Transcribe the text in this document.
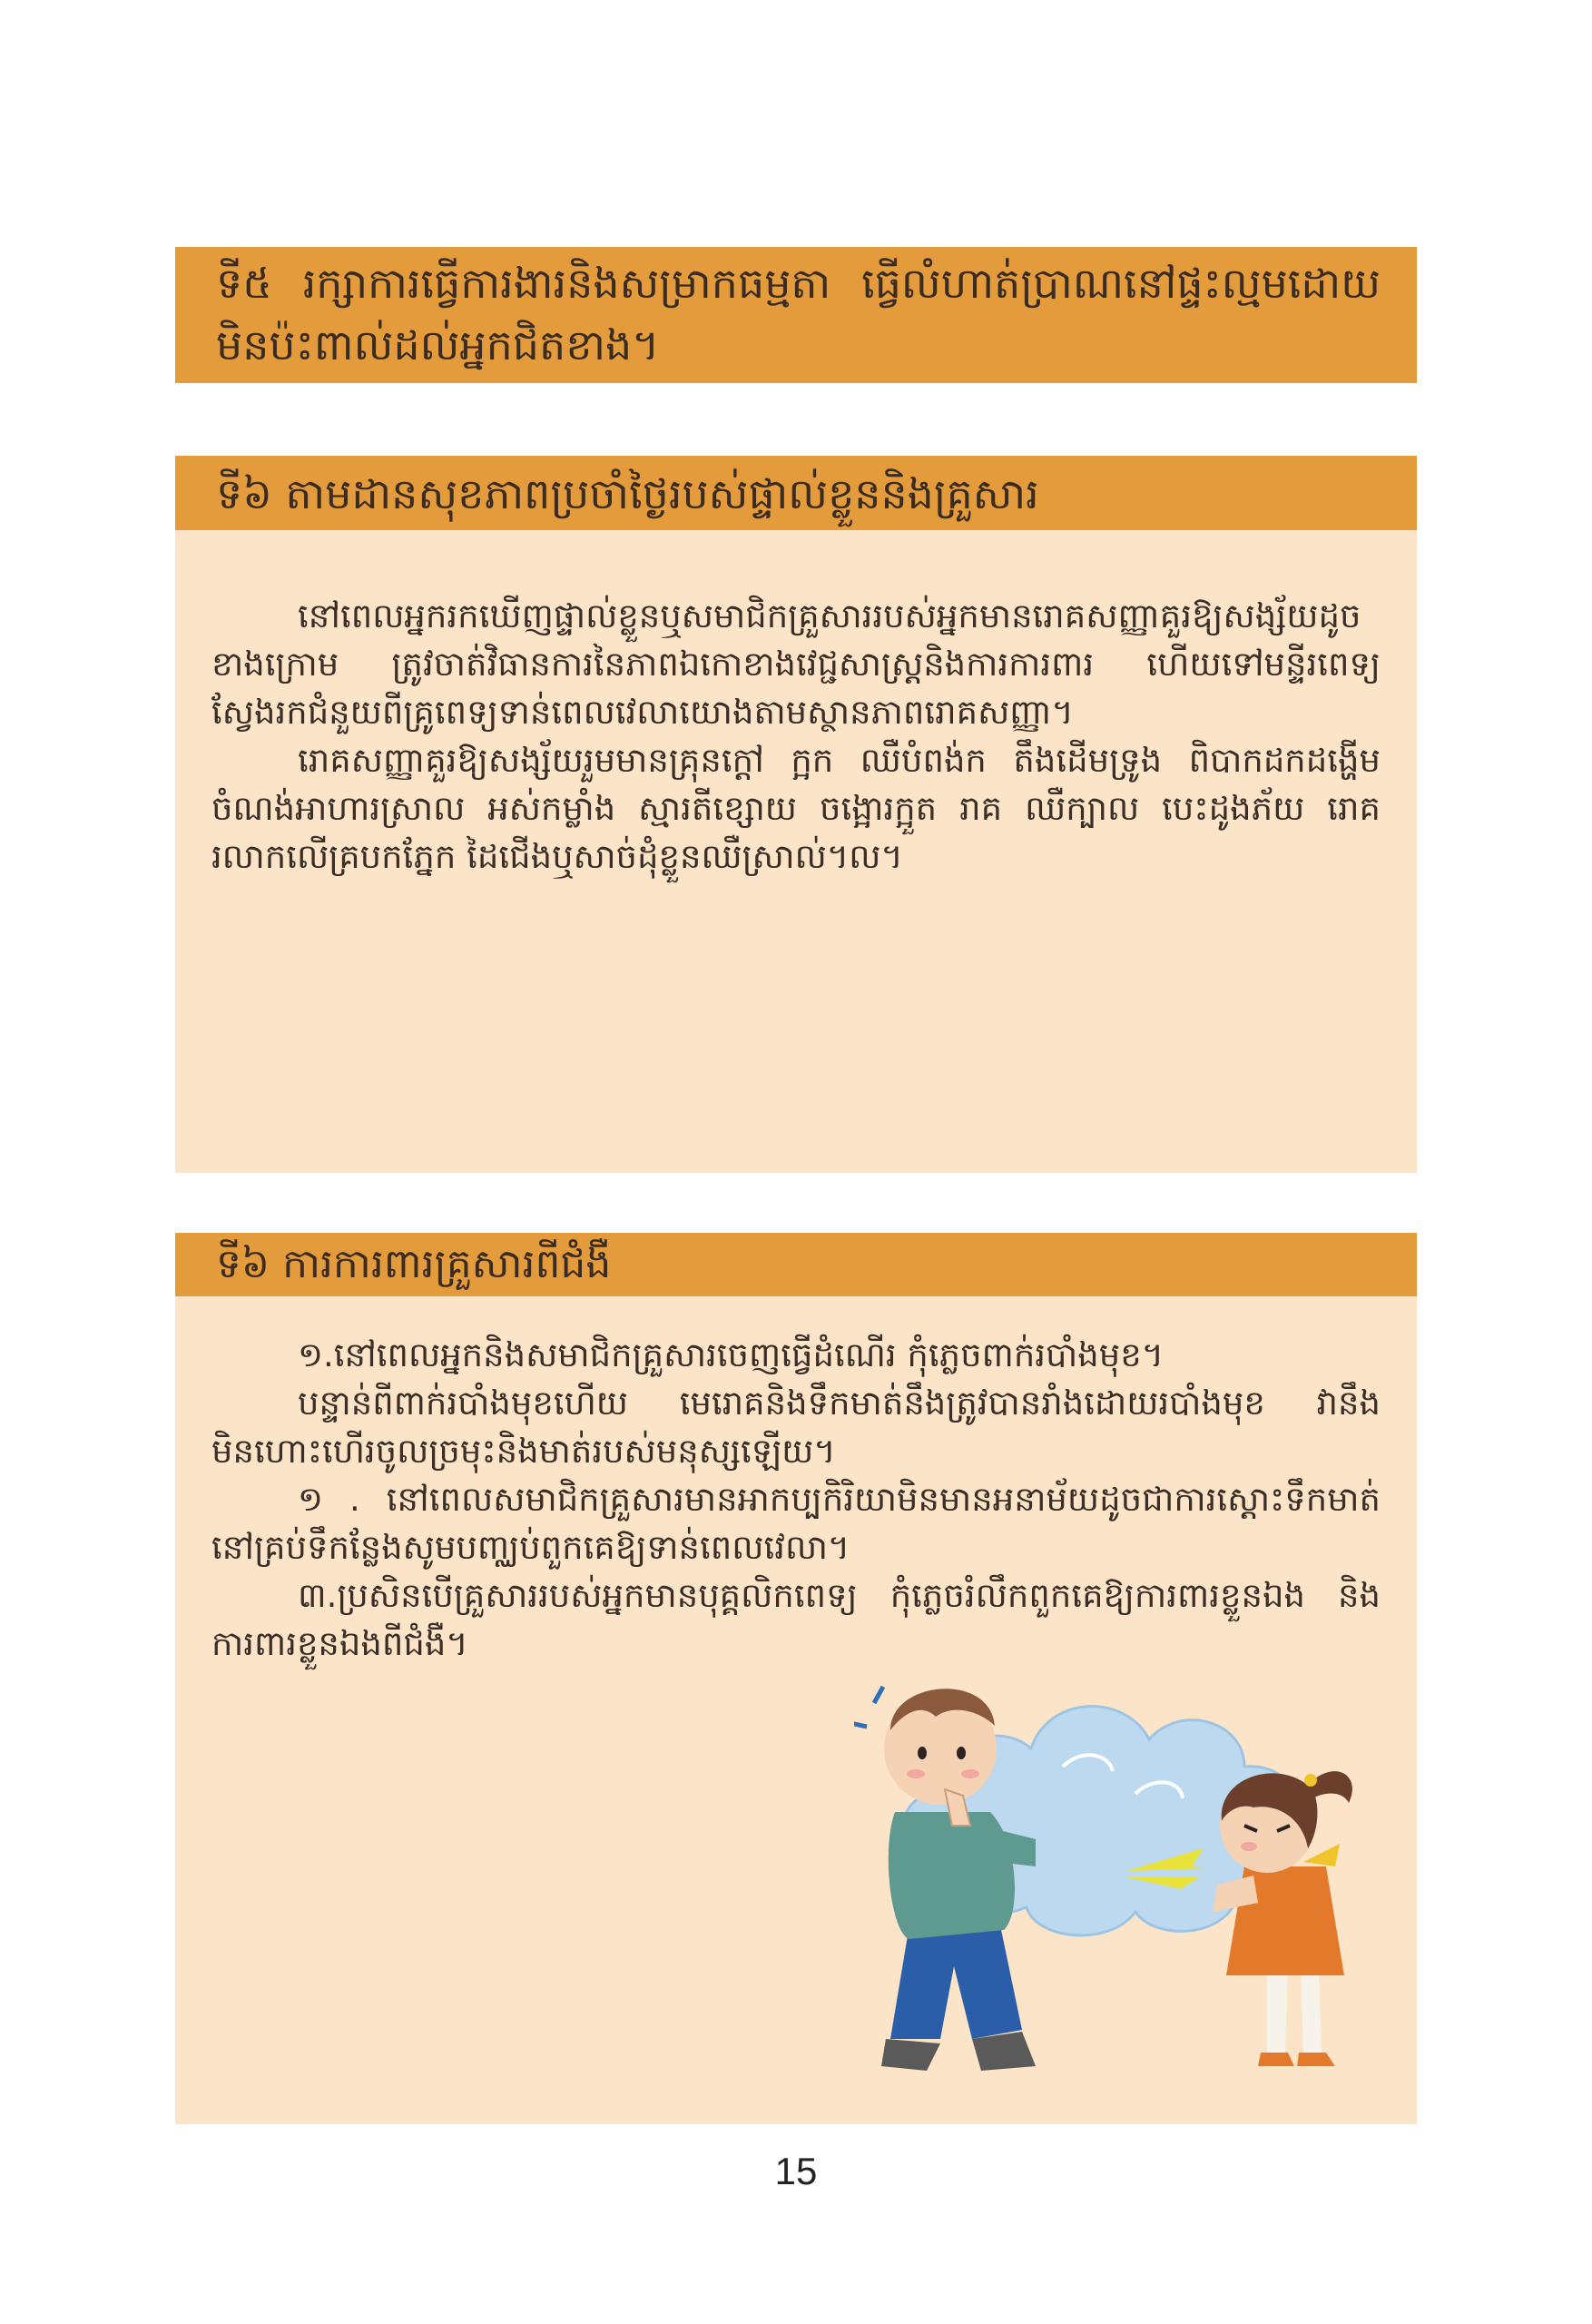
ទី៥ រក្សាការធ្វើការងារនិងសម្រាកធម្មតា ធ្វើលំហាត់ប្រាណនៅផ្ទះល្មមដោយមិនប៉ះពាល់ដល់អ្នកជិតខាង។
ទី៦ តាមដានសុខភាពប្រចាំថ្ងៃរបស់ផ្ទាល់ខ្លួននិងគ្រួសារ

នៅពេលអ្នករកឃើញផ្ទាល់ខ្លួនឬសមាជិកគ្រួសាររបស់អ្នកមានរោគសញ្ញាគួរឱ្យសង្ស័យដូចខាងក្រោម ត្រូវចាត់វិធានការនៃភាពឯកោខាងវេជ្ជសាស្រ្តនិងការការពារ ហើយទៅមន្ទីរពេទ្យស្វែងរកជំនួយពីគ្រូពេទ្យទាន់ពេលវេលាយោងតាមស្ថានភាពរោគសញ្ញា។

រោគសញ្ញាគួរឱ្យសង្ស័យរួមមានគ្រុនក្តៅ ក្អក ឈឺបំពង់ក តឹងដើមទ្រូង ពិបាកដកដង្ហើម ចំណង់អាហារស្រាល អស់កម្លាំង ស្មារតីខ្សោយ ចង្អោរក្អួត រាគ ឈឺក្បាល បេះដូងភ័យ រោគរលាកលើគ្របកភ្នែក ដៃជើងឬសាច់ដុំខ្លួនឈឺស្រាល់។ល។

ទី៦ ការការពារគ្រួសារពីជំងឺ

១.នៅពេលអ្នកនិងសមាជិកគ្រួសារចេញធ្វើដំណើរ កុំភ្លេចពាក់របាំងមុខ។

បន្ទាន់ពីពាក់របាំងមុខហើយ មេរោគនិងទឹកមាត់នឹងត្រូវបានរាំងដោយរបាំងមុខ វានឹងមិនហោះហើរចូលច្រមុះនិងមាត់របស់មនុស្សឡើយ។

១ . នៅពេលសមាជិកគ្រួសារមានអាកប្បកិរិយាមិនមានអនាម័យដូចជាការស្តោះទឹកមាត់នៅគ្រប់ទឹកន្លែងសូមបញ្ឈប់ពួកគេឱ្យទាន់ពេលវេលា។

៣.ប្រសិនបើគ្រួសាររបស់អ្នកមានបុគ្គលិកពេទ្យ កុំភ្លេចរំលឹកពួកគេឱ្យការពារខ្លួនឯង និងការពារខ្លួនឯងពីជំងឺ។

15
